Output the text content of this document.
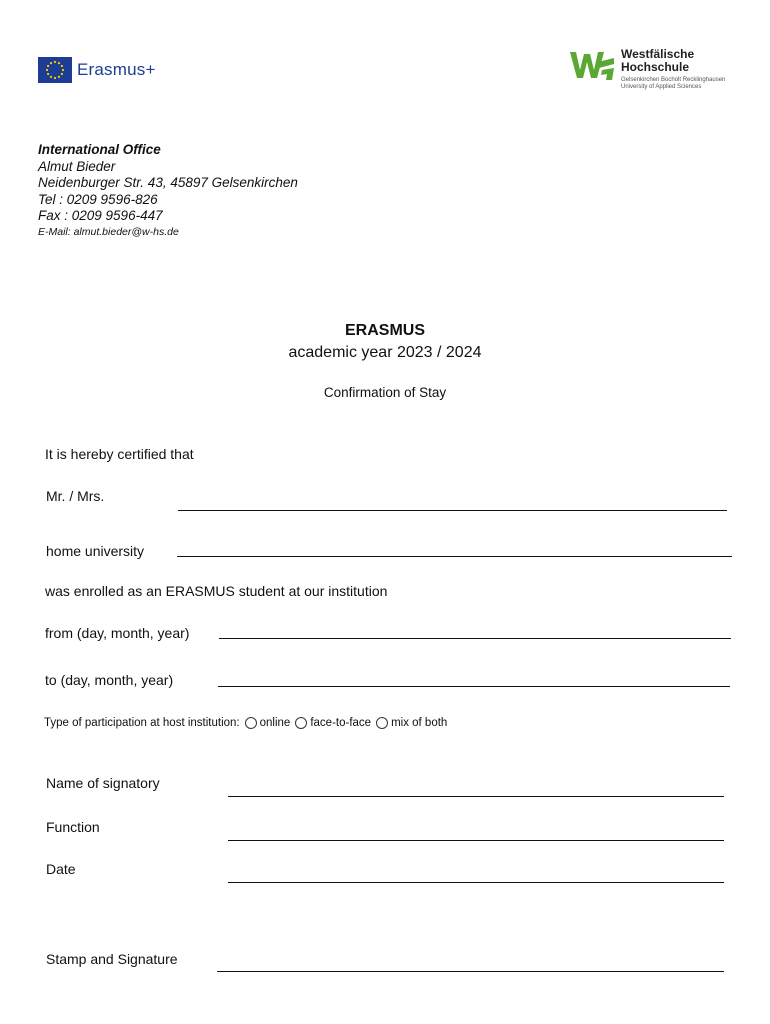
Erasmus+
Westfälische
Hochschule
Gelsenkirchen Bocholt Recklinghausen
University of Applied Sciences
International Office
Almut Bieder
Neidenburger Str. 43, 45897 Gelsenkirchen
Tel : 0209 9596-826
Fax : 0209 9596-447
E-Mail: almut.bieder@w-hs.de
ERASMUS
academic year 2023 / 2024
Confirmation of Stay
It is hereby certified that
Mr. / Mrs.
home university
was enrolled as an ERASMUS student at our institution
from (day, month, year)
to (day, month, year)
Type of participation at host institution: online face-to-face mix of both
Name of signatory
Function
Date
Stamp and Signature
